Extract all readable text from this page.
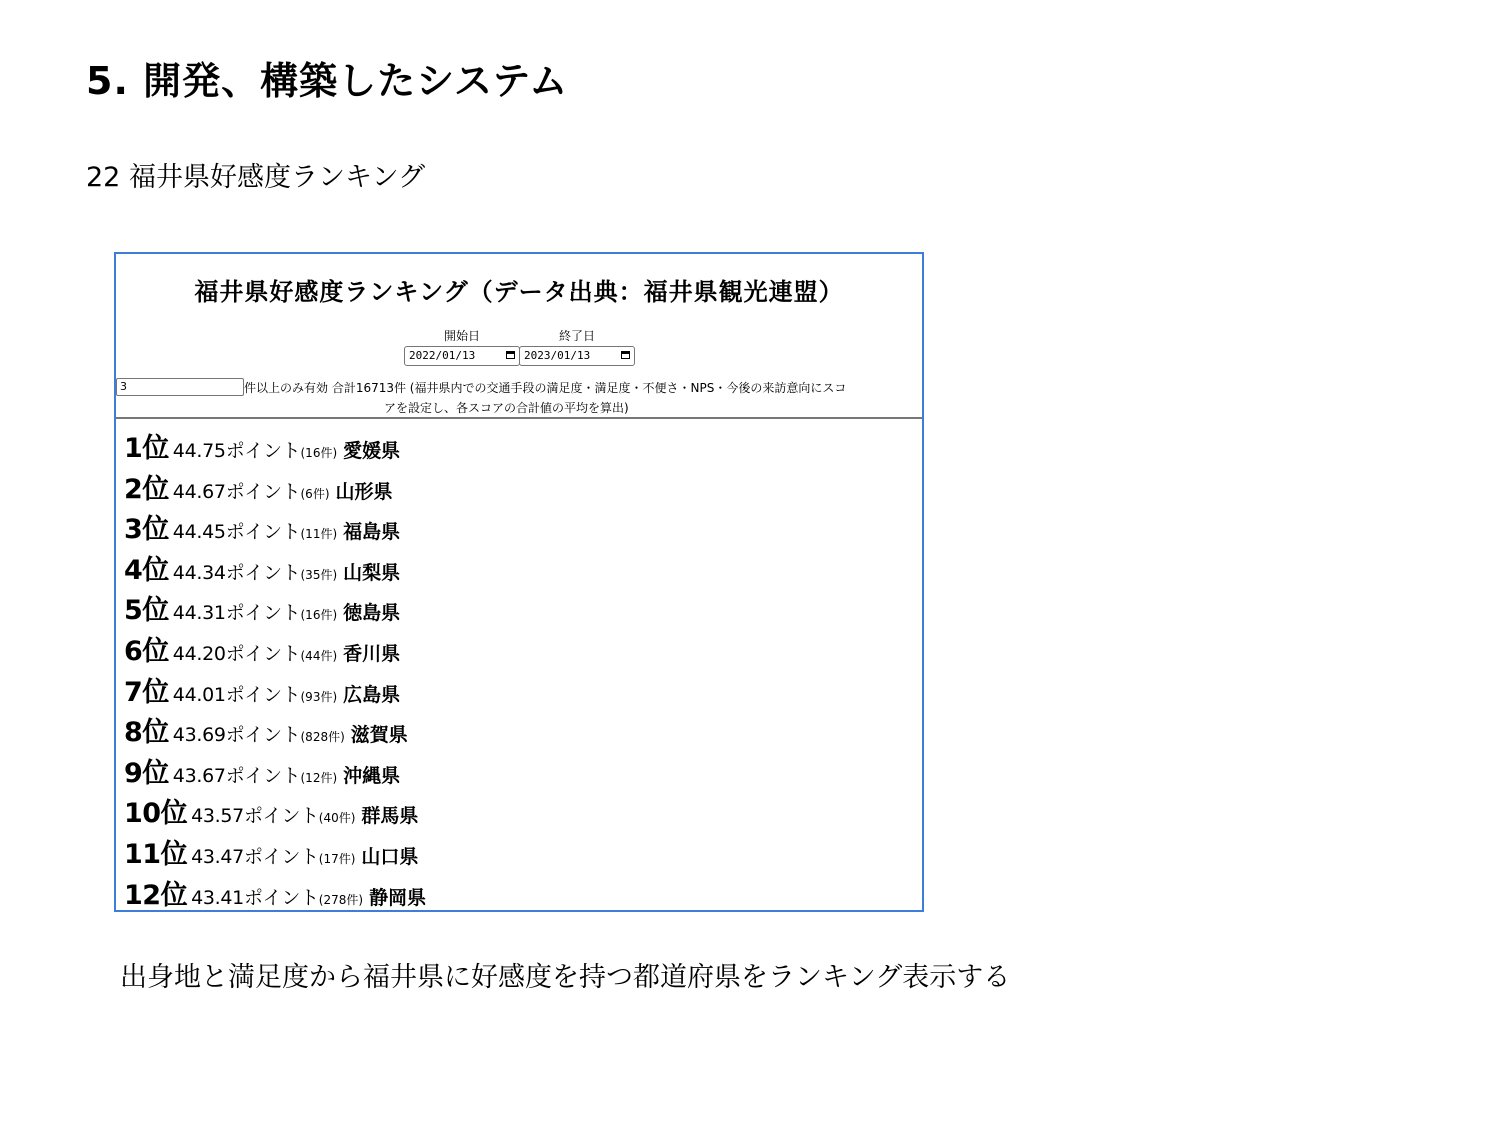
5. 開発、構築したシステム
22 福井県好感度ランキング
福井県好感度ランキング（データ出典：福井県観光連盟）
開始日
2022/01/13
終了日
2023/01/13
3	件以上のみ有効 合計16713件 (福井県内での交通手段の満足度・満足度・不便さ・NPS・今後の来訪意向にスコ
アを設定し、各スコアの合計値の平均を算出)
1位 44.75ポイント (16件) 愛媛県
2位 44.67ポイント (6件) 山形県
3位 44.45ポイント (11件) 福島県
4位 44.34ポイント (35件) 山梨県
5位 44.31ポイント (16件) 徳島県
6位 44.20ポイント (44件) 香川県
7位 44.01ポイント (93件) 広島県
8位 43.69ポイント (828件) 滋賀県
9位 43.67ポイント (12件) 沖縄県
10位 43.57ポイント (40件) 群馬県
11位 43.47ポイント (17件) 山口県
12位 43.41ポイント (278件) 静岡県
出身地と満足度から福井県に好感度を持つ都道府県をランキング表示する
